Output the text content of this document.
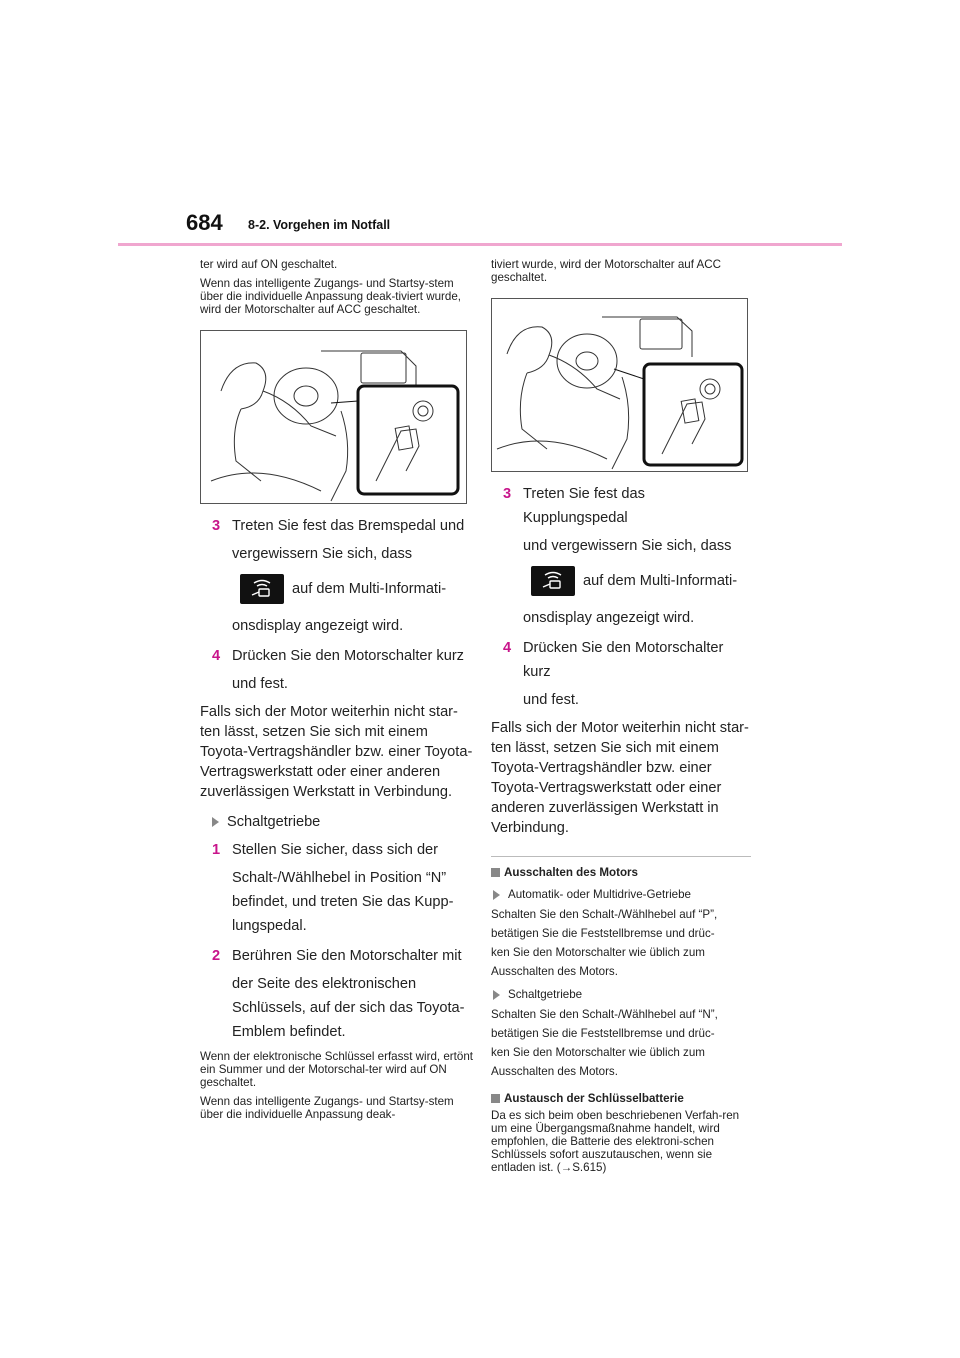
684 8-2. Vorgehen im Notfall

ter wird auf ON geschaltet.

Wenn das intelligente Zugangs- und Startsy-stem über die individuelle Anpassung deak-tiviert wurde, wird der Motorschalter auf ACC geschaltet.

3 Treten Sie fest das Bremspedal und
vergewissern Sie sich, dass
auf dem Multi-Informati-
onsdisplay angezeigt wird.
4 Drücken Sie den Motorschalter kurz
und fest.

Falls sich der Motor weiterhin nicht star-ten lässt, setzen Sie sich mit einem Toyota-Vertragshändler bzw. einer Toyota-Vertragswerkstatt oder einer anderen zuverlässigen Werkstatt in Verbindung.

Schaltgetriebe
1 Stellen Sie sicher, dass sich der
Schalt-/Wählhebel in Position “N”
befindet, und treten Sie das Kupp-
lungspedal.
2 Berühren Sie den Motorschalter mit
der Seite des elektronischen
Schlüssels, auf der sich das Toyota-
Emblem befindet.

Wenn der elektronische Schlüssel erfasst wird, ertönt ein Summer und der Motorschal-ter wird auf ON geschaltet.

Wenn das intelligente Zugangs- und Startsy-stem über die individuelle Anpassung deak-

tiviert wurde, wird der Motorschalter auf ACC geschaltet.

3 Treten Sie fest das Kupplungspedal
und vergewissern Sie sich, dass
auf dem Multi-Informati-
onsdisplay angezeigt wird.
4 Drücken Sie den Motorschalter kurz
und fest.

Falls sich der Motor weiterhin nicht star-ten lässt, setzen Sie sich mit einem Toyota-Vertragshändler bzw. einer Toyota-Vertragswerkstatt oder einer anderen zuverlässigen Werkstatt in Verbindung.

Ausschalten des Motors
Automatik- oder Multidrive-Getriebe

Schalten Sie den Schalt-/Wählhebel auf “P”,

betätigen Sie die Feststellbremse und drüc-

ken Sie den Motorschalter wie üblich zum

Ausschalten des Motors.

Schaltgetriebe

Schalten Sie den Schalt-/Wählhebel auf “N”,

betätigen Sie die Feststellbremse und drüc-

ken Sie den Motorschalter wie üblich zum

Ausschalten des Motors.

Austausch der Schlüsselbatterie

Da es sich beim oben beschriebenen Verfah-ren um eine Übergangsmaßnahme handelt, wird empfohlen, die Batterie des elektroni-schen Schlüssels sofort auszutauschen, wenn sie entladen ist. (→S.615)
